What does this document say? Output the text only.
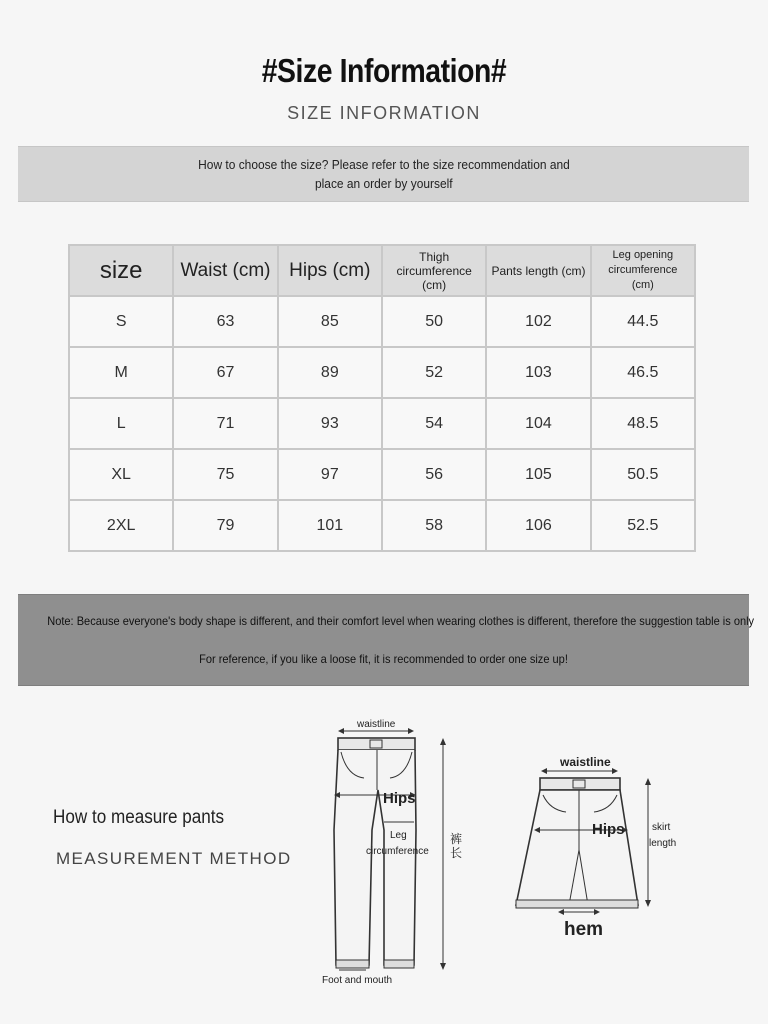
#Size Information#
SIZE INFORMATION
How to choose the size? Please refer to the size recommendation and
place an order by yourself
size	Waist (cm)	Hips (cm)	Thigh circumference (cm)	Pants length (cm)	Leg opening
circumference
(cm)

S	63	85	50	102	44.5
M	67	89	52	103	46.5
L	71	93	54	104	48.5
XL	75	97	56	105	50.5
2XL	79	101	58	106	52.5
Note: Because everyone's body shape is different, and their comfort level when wearing clothes is different, therefore the suggestion table is only
For reference, if you like a loose fit, it is recommended to order one size up!
How to measure pants
MEASUREMENT METHOD
waistline
Hips
Leg
circumference
裤
长
Foot and mouth
waistline
Hips	skirt
length
hem
